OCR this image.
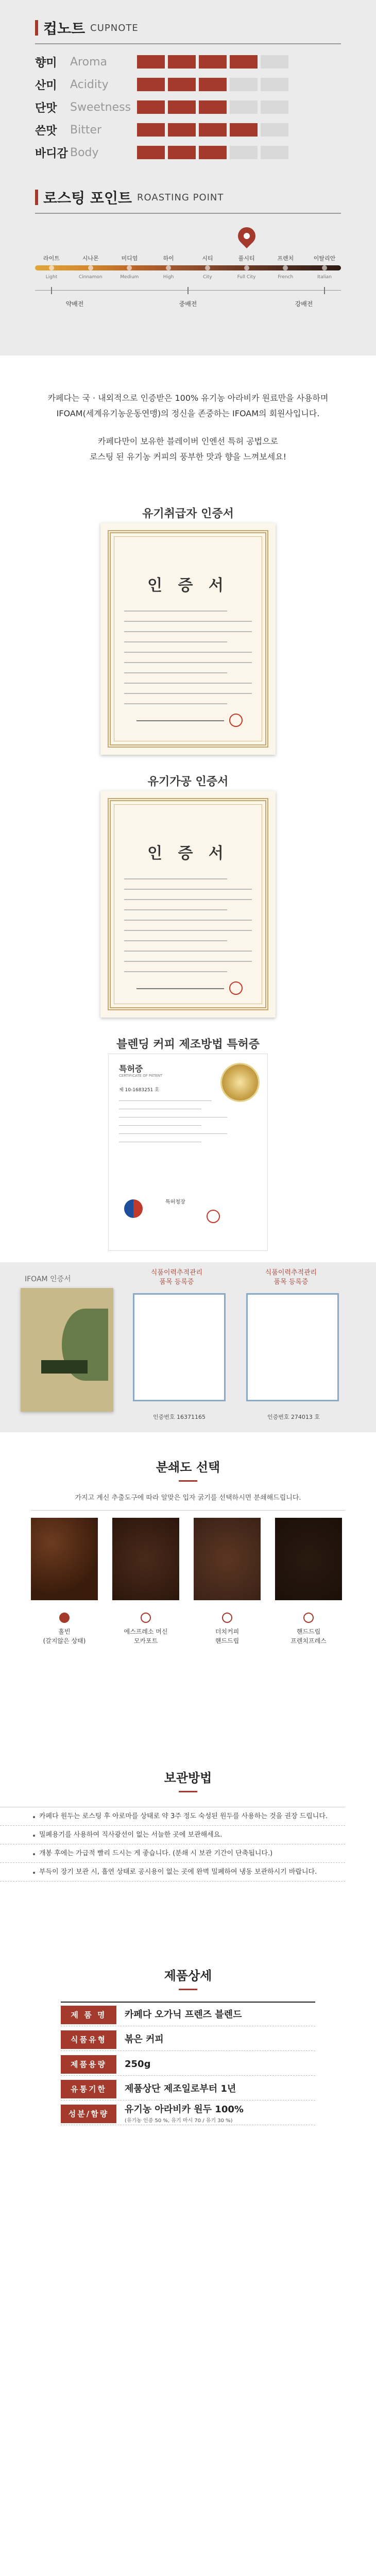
컵노트 CUPNOTE
향미	Aroma
산미	Acidity
단맛	Sweetness
쓴맛	Bitter
바디감 Body
로스팅 포인트 ROASTING POINT
라이트
Light
시나몬
Cinnamon
미디엄
Medium
하이
High
시티
City
풀시티
Full City
프렌치
French
이탈리안
Italian
약배전	중배전	강배전

카페다는 국 · 내외적으로 인증받은 100% 유기농 아라비카 원료만을 사용하며

IFOAM(세계유기농운동연맹)의 정신을 존중하는 IFOAM의 회원사입니다.

카페다만이 보유한 블레이버 인엔선 특허 공법으로

로스팅 된 유기농 커피의 풍부한 맛과 향을 느껴보세요!

유기취급자 인증서
인 증 서
유기가공 인증서
인 증 서
블렌딩 커피 제조방법 특허증
특허증
CERTIFICATE OF PATENT
제 10-1683251 호
특허청장
IFOAM 인증서
식품이력추적관리
품목 등록증
인증번호 16371165
식품이력추적관리
품목 등록증
인증번호 274013 호
분쇄도 선택
가지고 계신 추출도구에 따라 알맞은 입자 굵기를 선택하시면 분쇄해드립니다.
홀빈
(갈지않은 상태)
에스프레소 머신
모카포트
더치커피
핸드드립
핸드드립
프렌치프레스
보관방법
카페다 원두는 로스팅 후 아로마를 상태로 약 3주 정도 숙성된 원두를 사용하는 것을 권장 드립니다.
밀폐용기를 사용하여 직사광선이 없는 서늘한 곳에 보관해세요.
개봉 후에는 가급적 빨리 드시는 게 좋습니다. (분쇄 시 보관 기간이 단축됩니다.)
부득이 장기 보관 시, 흡연 상태로 공시용이 없는 곳에 완벽 밀폐하여 냉동 보관하시기 바랍니다.
제품상세
제 품 명	카페다 오가닉 프렌즈 블렌드
식품유형	볶은 커피
제품용량	250g
유통기한	제품상단 제조일로부터 1년
성분/함량	유기농 아라비카 원두 100%
(유기농 인증 50 %, 유기 마시 70 / 유기 30 %)
